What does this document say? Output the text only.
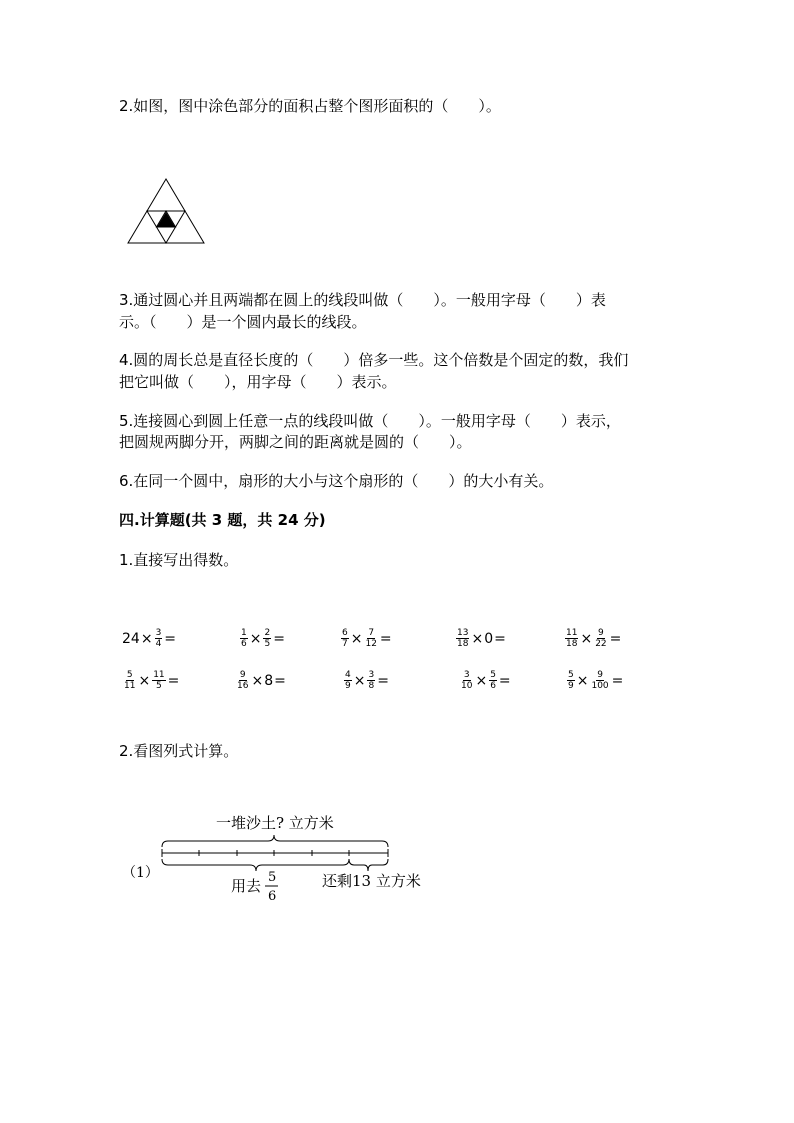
2.如图，图中涂色部分的面积占整个图形面积的（　　）。
3.通过圆心并且两端都在圆上的线段叫做（　　）。一般用字母（　　）表
示。（　　）是一个圆内最长的线段。
4.圆的周长总是直径长度的（　　）倍多一些。这个倍数是个固定的数，我们
把它叫做（　　），用字母（　　）表示。
5.连接圆心到圆上任意一点的线段叫做（　　）。一般用字母（　　）表示，
把圆规两脚分开，两脚之间的距离就是圆的（　　）。
6.在同一个圆中，扇形的大小与这个扇形的（　　）的大小有关。
四.计算题(共 3 题，共 24 分)
1.直接写出得数。
$24 \times \frac{3}{4}$ =	$\frac{1}{6} \times \frac{2}{5}$ =	$\frac{6}{7} \times \frac{7}{12}$ =	$\frac{13}{18} \times 0$ =	$\frac{11}{18} \times \frac{9}{22}$ =
$\frac{5}{11} \times \frac{11}{5}$ =	$\frac{9}{16} \times 8$ =	$\frac{4}{9} \times \frac{3}{8}$ =	$\frac{3}{10} \times \frac{5}{6}$ =	$\frac{5}{9} \times \frac{9}{100}$ =
2.看图列式计算。
一堆沙土? 立方米
（1）
用去 5
6
还剩13 立方米
